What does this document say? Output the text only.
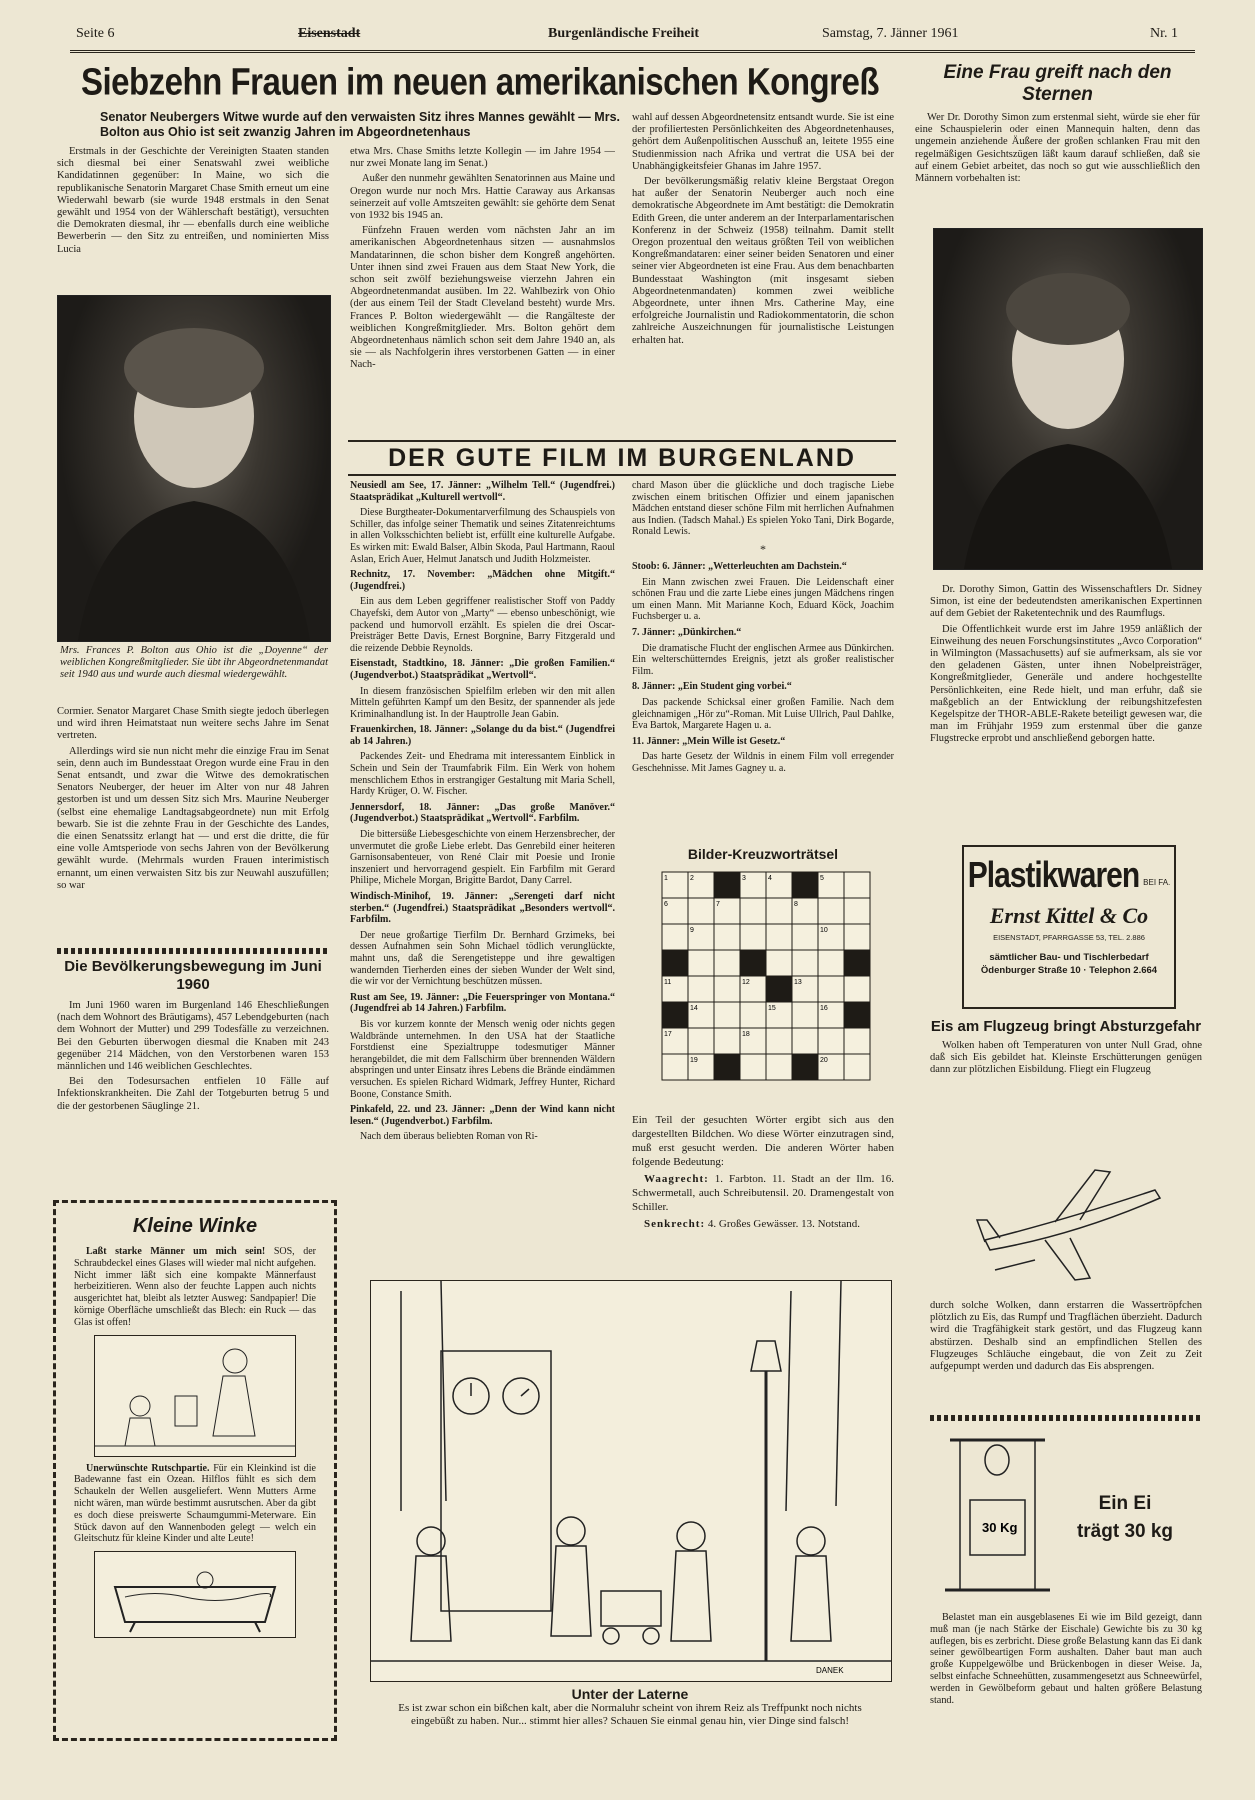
Seite 6	Eisenstadt	Burgenländische Freiheit	Samstag, 7. Jänner 1961	Nr. 1
Siebzehn Frauen im neuen amerikanischen Kongreß
Senator Neubergers Witwe wurde auf den verwaisten Sitz ihres Mannes gewählt — Mrs. Bolton aus Ohio ist seit zwanzig Jahren im Abgeordnetenhaus

Erstmals in der Geschichte der Vereinigten Staaten standen sich diesmal bei einer Senatswahl zwei weibliche Kandidatinnen gegenüber: In Maine, wo sich die republikanische Senatorin Margaret Chase Smith erneut um eine Wiederwahl bewarb (sie wurde 1948 erstmals in den Senat gewählt und 1954 von der Wählerschaft bestätigt), versuchten die Demokraten diesmal, ihr — ebenfalls durch eine weibliche Bewerberin — den Sitz zu entreißen, und nominierten Miss Lucia

Mrs. Frances P. Bolton aus Ohio ist die „Doyenne“ der weiblichen Kongreßmitglieder. Sie übt ihr Abgeordnetenmandat seit 1940 aus und wurde auch diesmal wiedergewählt.

Cormier. Senator Margaret Chase Smith siegte jedoch überlegen und wird ihren Heimatstaat nun weitere sechs Jahre im Senat vertreten.

Allerdings wird sie nun nicht mehr die einzige Frau im Senat sein, denn auch im Bundesstaat Oregon wurde eine Frau in den Senat entsandt, und zwar die Witwe des demokratischen Senators Neuberger, der heuer im Alter von nur 48 Jahren gestorben ist und um dessen Sitz sich Mrs. Maurine Neuberger (selbst eine ehemalige Landtagsabgeordnete) nun mit Erfolg bewarb. Sie ist die zehnte Frau in der Geschichte des Landes, die einen Senatssitz erlangt hat — und erst die dritte, die für eine volle Amtsperiode von sechs Jahren von der Bevölkerung gewählt wurde. (Mehrmals wurden Frauen interimistisch ernannt, um einen verwaisten Sitz bis zur Neuwahl auszufüllen; so war

Die Bevölkerungsbewegung im Juni 1960

Im Juni 1960 waren im Burgenland 146 Eheschließungen (nach dem Wohnort des Bräutigams), 457 Lebendgeburten (nach dem Wohnort der Mutter) und 299 Todesfälle zu verzeichnen. Bei den Geburten überwogen diesmal die Knaben mit 243 gegenüber 214 Mädchen, von den Verstorbenen waren 153 männlichen und 146 weiblichen Geschlechtes.

Bei den Todesursachen entfielen 10 Fälle auf Infektionskrankheiten. Die Zahl der Totgeburten betrug 5 und die der gestorbenen Säuglinge 21.

Kleine Winke

Laßt starke Männer um mich sein! SOS, der Schraubdeckel eines Glases will wieder mal nicht aufgehen. Nicht immer läßt sich eine kompakte Männerfaust herbeizitieren. Wenn also der feuchte Lappen auch nichts ausgerichtet hat, bleibt als letzter Ausweg: Sandpapier! Die körnige Oberfläche umschließt das Blech: ein Ruck — das Glas ist offen!

Unerwünschte Rutschpartie. Für ein Kleinkind ist die Badewanne fast ein Ozean. Hilflos fühlt es sich dem Schaukeln der Wellen ausgeliefert. Wenn Mutters Arme nicht wären, man würde bestimmt ausrutschen. Aber da gibt es doch diese preiswerte Schaumgummi-Meterware. Ein Stück davon auf den Wannenboden gelegt — welch ein Gleitschutz für kleine Kinder und alte Leute!

etwa Mrs. Chase Smiths letzte Kollegin — im Jahre 1954 — nur zwei Monate lang im Senat.)

Außer den nunmehr gewählten Senatorinnen aus Maine und Oregon wurde nur noch Mrs. Hattie Caraway aus Arkansas seinerzeit auf volle Amtszeiten gewählt: sie gehörte dem Senat von 1932 bis 1945 an.

Fünfzehn Frauen werden vom nächsten Jahr an im amerikanischen Abgeordnetenhaus sitzen — ausnahmslos Mandatarinnen, die schon bisher dem Kongreß angehörten. Unter ihnen sind zwei Frauen aus dem Staat New York, die schon seit zwölf beziehungsweise vierzehn Jahren ein Abgeordnetenmandat ausüben. Im 22. Wahlbezirk von Ohio (der aus einem Teil der Stadt Cleveland besteht) wurde Mrs. Frances P. Bolton wiedergewählt — die Rangälteste der weiblichen Kongreßmitglieder. Mrs. Bolton gehört dem Abgeordnetenhaus nämlich schon seit dem Jahre 1940 an, als sie — als Nachfolgerin ihres verstorbenen Gatten — in einer Nach-

wahl auf dessen Abgeordnetensitz entsandt wurde. Sie ist eine der profiliertesten Persönlichkeiten des Abgeordnetenhauses, gehört dem Außenpolitischen Ausschuß an, leitete 1955 eine Studienmission nach Afrika und vertrat die USA bei der Unabhängigkeitsfeier Ghanas im Jahre 1957.

Der bevölkerungsmäßig relativ kleine Bergstaat Oregon hat außer der Senatorin Neuberger auch noch eine demokratische Abgeordnete im Amt bestätigt: die Demokratin Edith Green, die unter anderem an der Interparlamentarischen Konferenz in der Schweiz (1958) teilnahm. Damit stellt Oregon prozentual den weitaus größten Teil von weiblichen Kongreßmandataren: einer seiner beiden Senatoren und einer seiner vier Abgeordneten ist eine Frau. Aus dem benachbarten Bundesstaat Washington (mit insgesamt sieben Abgeordnetenmandaten) kommen zwei weibliche Abgeordnete, unter ihnen Mrs. Catherine May, eine erfolgreiche Journalistin und Radiokommentatorin, die schon zahlreiche Auszeichnungen für journalistische Leistungen erhalten hat.

DER GUTE FILM IM BURGENLAND

Neusiedl am See, 17. Jänner: „Wilhelm Tell.“ (Jugendfrei.) Staatsprädikat „Kulturell wertvoll“.

Diese Burgtheater-Dokumentarverfilmung des Schauspiels von Schiller, das infolge seiner Thematik und seines Zitatenreichtums in allen Volksschichten beliebt ist, erfüllt eine kulturelle Aufgabe. Es wirken mit: Ewald Balser, Albin Skoda, Paul Hartmann, Raoul Aslan, Erich Auer, Helmut Janatsch und Judith Holzmeister.

Rechnitz, 17. November: „Mädchen ohne Mitgift.“ (Jugendfrei.)

Ein aus dem Leben gegriffener realistischer Stoff von Paddy Chayefski, dem Autor von „Marty“ — ebenso unbeschönigt, wie packend und humorvoll erzählt. Es spielen die drei Oscar-Preisträger Bette Davis, Ernest Borgnine, Barry Fitzgerald und die reizende Debbie Reynolds.

Eisenstadt, Stadtkino, 18. Jänner: „Die großen Familien.“ (Jugendverbot.) Staatsprädikat „Wertvoll“.

In diesem französischen Spielfilm erleben wir den mit allen Mitteln geführten Kampf um den Besitz, der spannender als jede Kriminalhandlung ist. In der Hauptrolle Jean Gabin.

Frauenkirchen, 18. Jänner: „Solange du da bist.“ (Jugendfrei ab 14 Jahren.)

Packendes Zeit- und Ehedrama mit interessantem Einblick in Schein und Sein der Traumfabrik Film. Ein Werk von hohem menschlichem Ethos in erstrangiger Gestaltung mit Maria Schell, Hardy Krüger, O. W. Fischer.

Jennersdorf, 18. Jänner: „Das große Manöver.“ (Jugendverbot.) Staatsprädikat „Wertvoll“. Farbfilm.

Die bittersüße Liebesgeschichte von einem Herzensbrecher, der unvermutet die große Liebe erlebt. Das Genrebild einer heiteren Garnisonsabenteuer, von René Clair mit Poesie und Ironie inszeniert und hervorragend gespielt. Ein Farbfilm mit Gerard Philipe, Michele Morgan, Brigitte Bardot, Dany Carrel.

Windisch-Minihof, 19. Jänner: „Serengeti darf nicht sterben.“ (Jugendfrei.) Staatsprädikat „Besonders wertvoll“. Farbfilm.

Der neue großartige Tierfilm Dr. Bernhard Grzimeks, bei dessen Aufnahmen sein Sohn Michael tödlich verunglückte, mahnt uns, daß die Serengetisteppe und ihre gewaltigen wandernden Tierherden eines der sieben Wunder der Welt sind, die wir vor der Vernichtung beschützen müssen.

Rust am See, 19. Jänner: „Die Feuerspringer von Montana.“ (Jugendfrei ab 14 Jahren.) Farbfilm.

Bis vor kurzem konnte der Mensch wenig oder nichts gegen Waldbrände unternehmen. In den USA hat der Staatliche Forstdienst eine Spezialtruppe todesmutiger Männer herangebildet, die mit dem Fallschirm über brennenden Wäldern abspringen und unter Einsatz ihres Lebens die Brände eindämmen versuchen. Es spielen Richard Widmark, Jeffrey Hunter, Richard Boone, Constance Smith.

Pinkafeld, 22. und 23. Jänner: „Denn der Wind kann nicht lesen.“ (Jugendverbot.) Farbfilm.

Nach dem überaus beliebten Roman von Ri-

chard Mason über die glückliche und doch tragische Liebe zwischen einem britischen Offizier und einem japanischen Mädchen entstand dieser schöne Film mit herrlichen Aufnahmen aus Indien. (Tadsch Mahal.) Es spielen Yoko Tani, Dirk Bogarde, Ronald Lewis.

*

Stoob: 6. Jänner: „Wetterleuchten am Dachstein.“

Ein Mann zwischen zwei Frauen. Die Leidenschaft einer schönen Frau und die zarte Liebe eines jungen Mädchens ringen um einen Mann. Mit Marianne Koch, Eduard Köck, Joachim Fuchsberger u. a.

7. Jänner: „Dünkirchen.“

Die dramatische Flucht der englischen Armee aus Dünkirchen. Ein welterschütterndes Ereignis, jetzt als großer realistischer Film.

8. Jänner: „Ein Student ging vorbei.“

Das packende Schicksal einer großen Familie. Nach dem gleichnamigen „Hör zu“-Roman. Mit Luise Ullrich, Paul Dahlke, Eva Bartok, Margarete Hagen u. a.

11. Jänner: „Mein Wille ist Gesetz.“

Das harte Gesetz der Wildnis in einem Film voll erregender Geschehnisse. Mit James Gagney u. a.

Bilder-Kreuzworträtsel
1	2	3	4	5
6	7	8
9	10
11	12	13
14	15	16
17	18
19	20

Ein Teil der gesuchten Wörter ergibt sich aus den dargestellten Bildchen. Wo diese Wörter einzutragen sind, muß erst gesucht werden. Die anderen Wörter haben folgende Bedeutung:

Waagrecht: 1. Farbton. 11. Stadt an der Ilm. 16. Schwermetall, auch Schreibutensil. 20. Dramengestalt von Schiller.

Senkrecht: 4. Großes Gewässer. 13. Notstand.

DANEK
Unter der Laterne
Es ist zwar schon ein bißchen kalt, aber die Normaluhr scheint von ihrem Reiz als Treffpunkt noch nichts eingebüßt zu haben. Nur... stimmt hier alles? Schauen Sie einmal genau hin, vier Dinge sind falsch!
Eine Frau greift nach den Sternen

Wer Dr. Dorothy Simon zum erstenmal sieht, würde sie eher für eine Schauspielerin oder einen Mannequin halten, denn das ungemein anziehende Äußere der großen schlanken Frau mit den regelmäßigen Gesichtszügen läßt kaum darauf schließen, daß sie auf einem Gebiet arbeitet, das noch so gut wie ausschließlich den Männern vorbehalten ist:

Dr. Dorothy Simon, Gattin des Wissenschaftlers Dr. Sidney Simon, ist eine der bedeutendsten amerikanischen Expertinnen auf dem Gebiet der Raketentechnik und des Raumflugs.

Die Öffentlichkeit wurde erst im Jahre 1959 anläßlich der Einweihung des neuen Forschungsinstitutes „Avco Corporation“ in Wilmington (Massachusetts) auf sie aufmerksam, als sie vor den geladenen Gästen, unter ihnen Nobelpreisträger, Kongreßmitglieder, Generäle und andere hochgestellte Persönlichkeiten, eine Rede hielt, und man erfuhr, daß sie maßgeblich an der Entwicklung der reibungshitzefesten Kegelspitze der THOR-ABLE-Rakete beteiligt gewesen war, die man im Frühjahr 1959 zum erstenmal über die ganze Flugstrecke erprobt und anschließend geborgen hatte.

Plastikwaren BEI FA.
Ernst Kittel & Co
EISENSTADT, PFARRGASSE 53, TEL. 2.886
sämtlicher Bau- und Tischlerbedarf
Ödenburger Straße 10 · Telephon 2.664
Eis am Flugzeug bringt Absturzgefahr

Wolken haben oft Temperaturen von unter Null Grad, ohne daß sich Eis gebildet hat. Kleinste Erschütterungen genügen dann zur plötzlichen Eisbildung. Fliegt ein Flugzeug

durch solche Wolken, dann erstarren die Wassertröpfchen plötzlich zu Eis, das Rumpf und Tragflächen überzieht. Dadurch wird die Tragfähigkeit stark gestört, und das Flugzeug kann abstürzen. Deshalb sind an empfindlichen Stellen des Flugzeuges Schläuche eingebaut, die von Zeit zu Zeit aufgepumpt werden und dadurch das Eis absprengen.

30 Kg
Ein Ei
trägt 30 kg

Belastet man ein ausgeblasenes Ei wie im Bild gezeigt, dann muß man (je nach Stärke der Eischale) Gewichte bis zu 30 kg auflegen, bis es zerbricht. Diese große Belastung kann das Ei dank seiner gewölbeartigen Form aushalten. Daher baut man auch große Kuppelgewölbe und Brückenbogen in dieser Weise. Ja, selbst einfache Schneehütten, zusammengesetzt aus Schneewürfel, werden in Gewölbeform gebaut und halten größere Belastung stand.
